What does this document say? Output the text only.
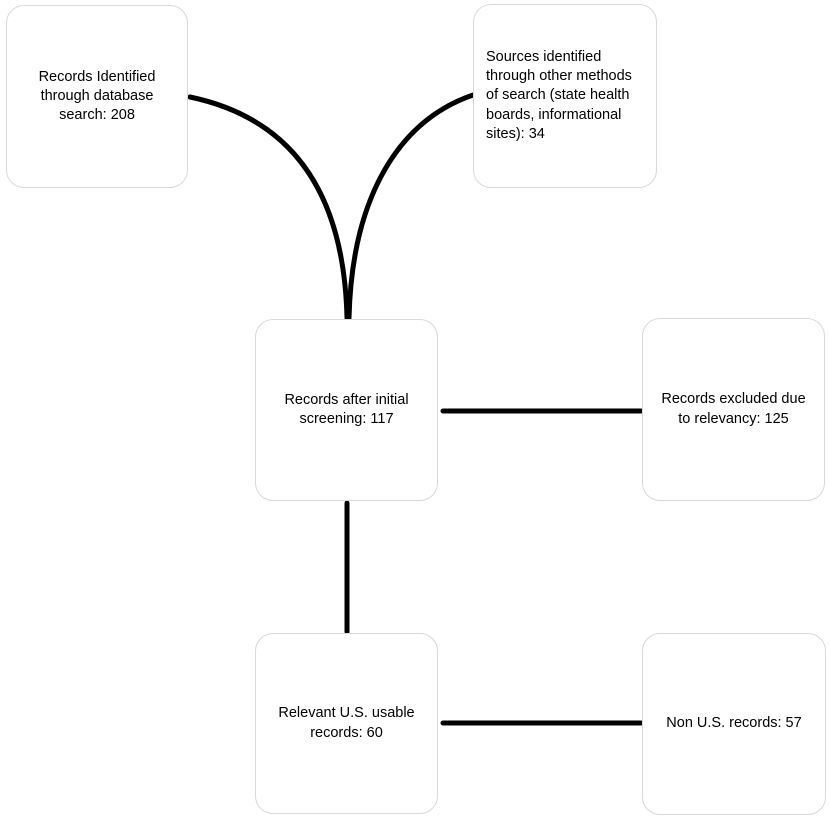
Records Identified through database search: 208
Sources identified through other methods of search (state health boards, informational sites): 34
Records after initial screening: 117
Records excluded due to relevancy: 125
Relevant U.S. usable records: 60
Non U.S. records: 57
